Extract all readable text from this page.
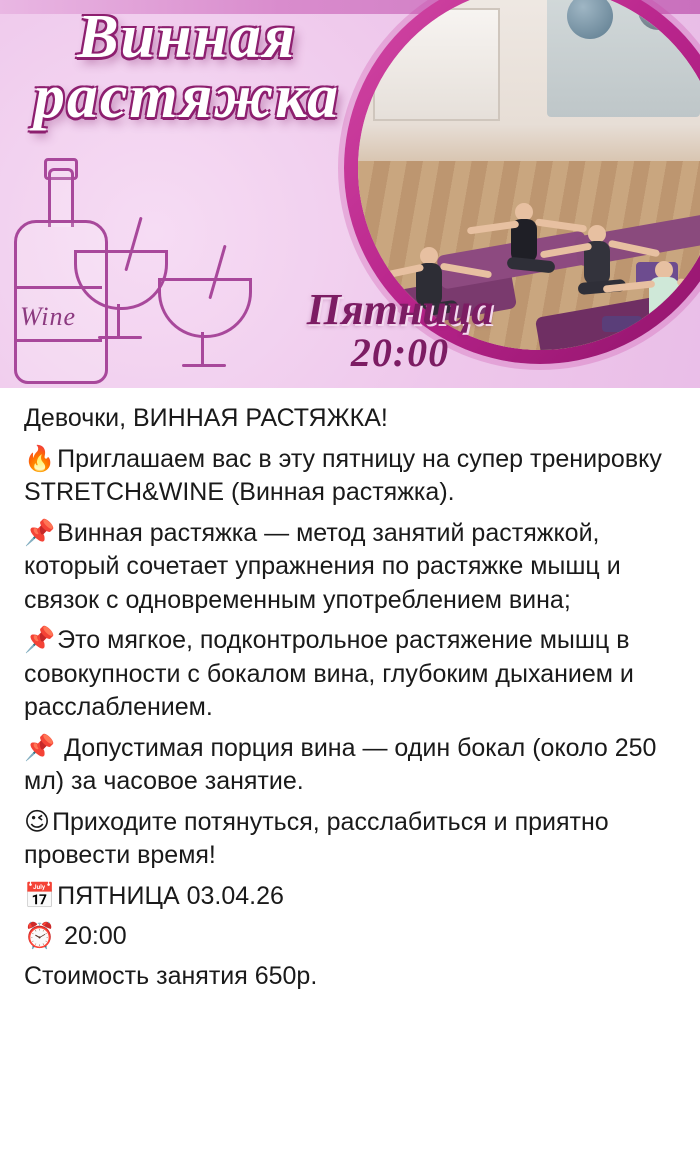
Wine
Винная
растяжка
Пятница
20:00

Девочки, ВИННАЯ РАСТЯЖКА!

🔥Приглашаем вас в эту пятницу на супер тренировку STRETCH&WINE (Винная растяжка).

📌Винная растяжка — метод занятий растяжкой, который сочетает упражнения по растяжке мышц и связок с одновременным употреблением вина;

📌Это мягкое, подконтрольное растяжение мышц в совокупности с бокалом вина, глубоким дыханием и расслаблением.

📌 Допустимая порция вина — один бокал (около 250 мл) за часовое занятие.

😉Приходите потянуться, расслабиться и приятно провести время!

📅ПЯТНИЦА 03.04.26

⏰ 20:00

Стоимость занятия 650р.
